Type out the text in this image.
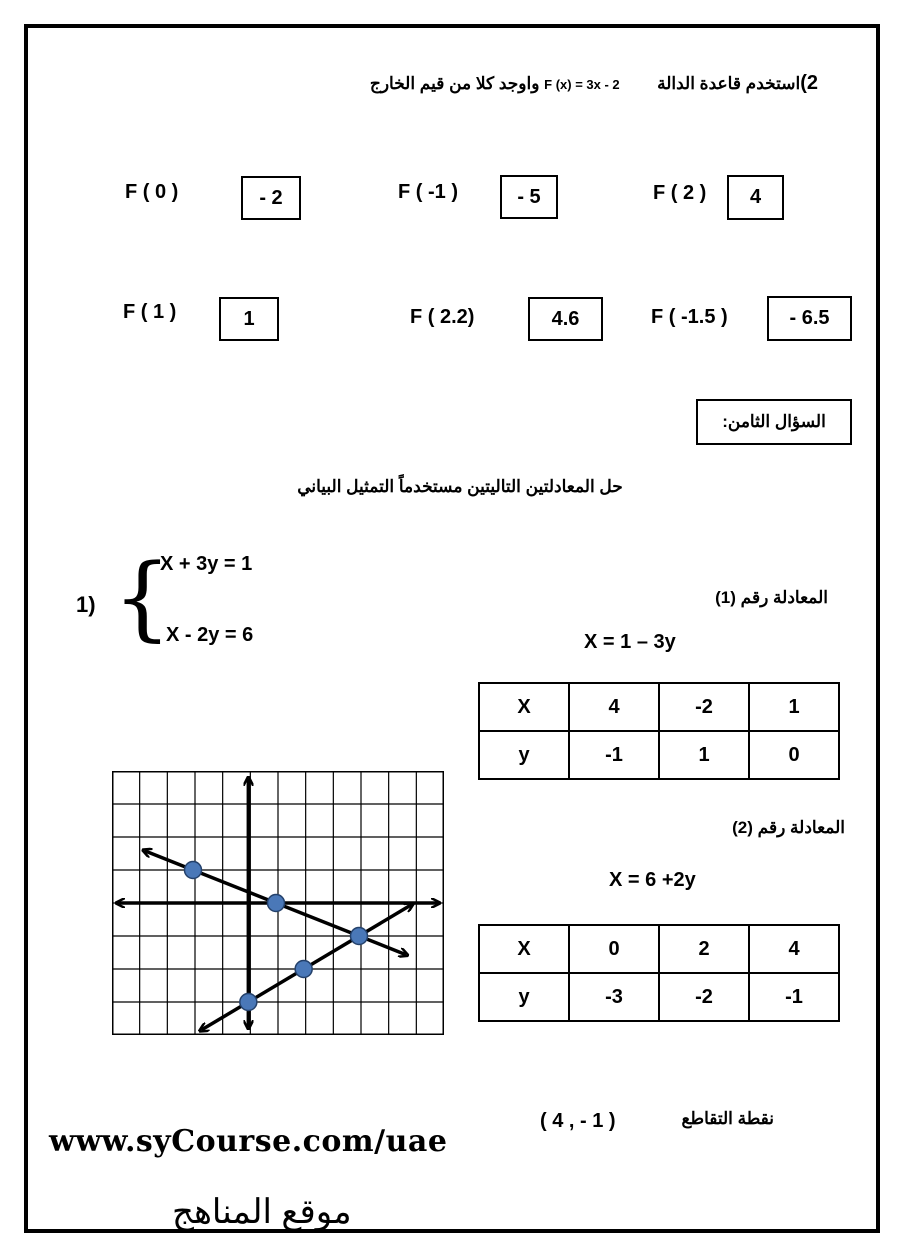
2)استخدم قاعدة الدالة  F (x) = 3x - 2 واوجد كلا من قيم الخارج
F ( 0 )	- 2	F ( -1 )	- 5	F ( 2 )	4
F ( 1 )	1	F ( 2.2)	4.6	F ( -1.5 )	- 6.5
السؤال الثامن:
حل المعادلتين التاليتين مستخدماً التمثيل البياني
1) {
X + 3y = 1
X - 2y = 6
المعادلة رقم (1)
X = 1 – 3y
X	4	-2	1
y	-1	1	0
المعادلة رقم (2)
X = 6 +2y
X	0	2	4
y	-3	-2	-1
نقطة التقاطع
( 4 , - 1 )
www.syCourse.com/uae
موقع المناهج
